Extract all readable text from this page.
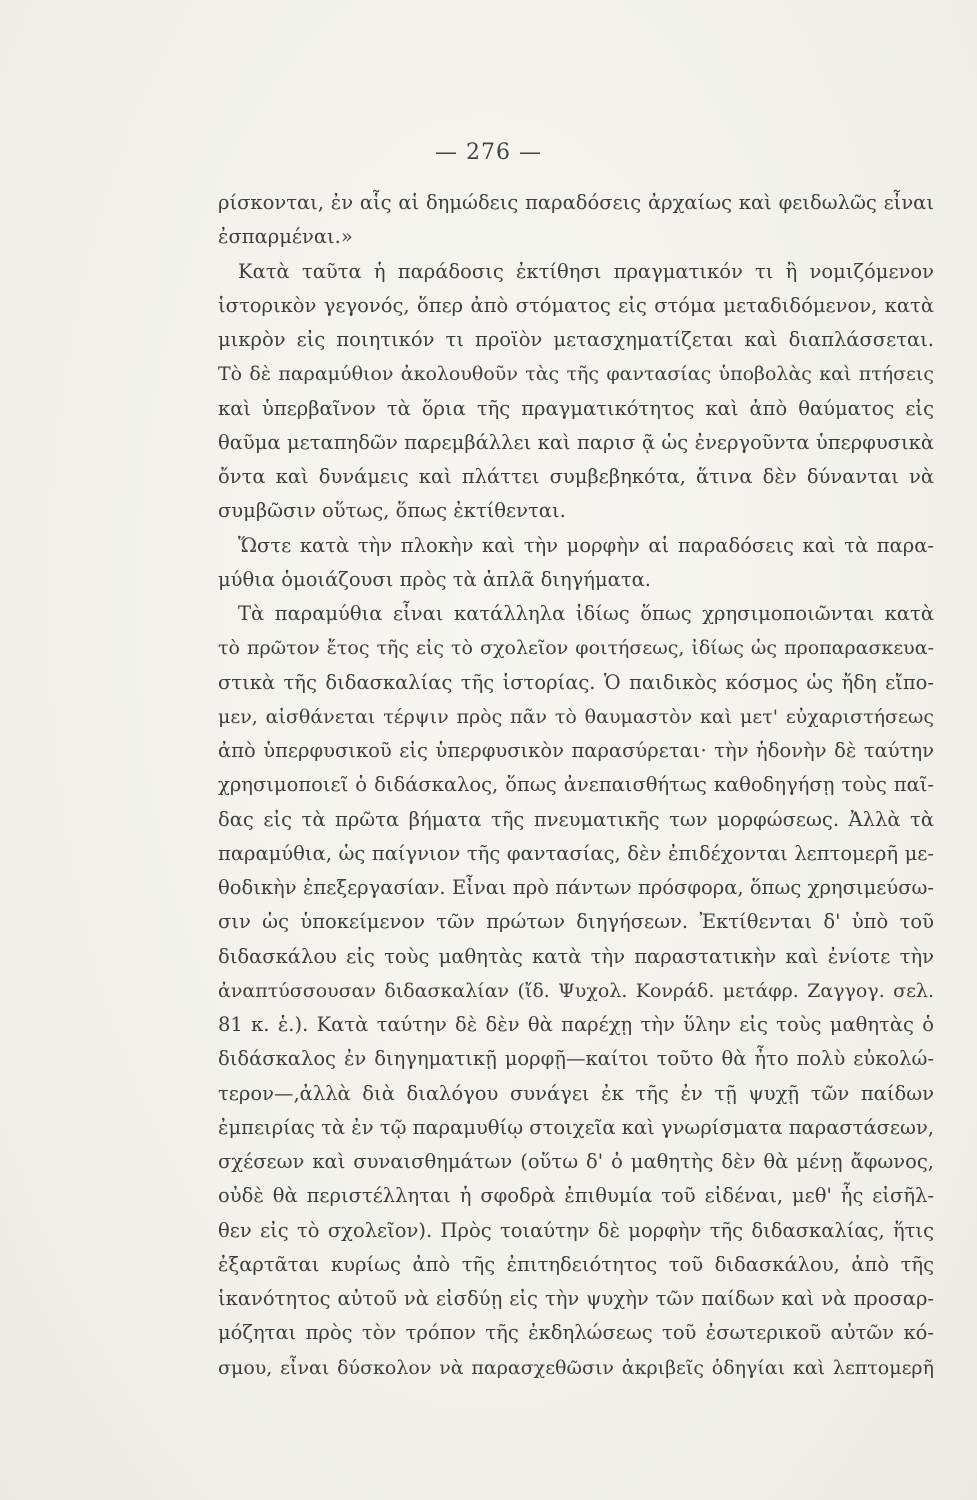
— 276 —
ρίσκονται, ἐν αἷς αἱ δημώδεις παραδόσεις ἀρχαίως καὶ φειδωλῶς εἶναι
ἐσπαρμέναι.»
Κατὰ ταῦτα ἡ παράδοσις ἐκτίθησι πραγματικόν τι ἢ νομιζόμενον
ἱστορικὸν γεγονός, ὅπερ ἀπὸ στόματος εἰς στόμα μεταδιδόμενον, κατὰ
μικρὸν εἰς ποιητικόν τι προϊὸν μετασχηματίζεται καὶ διαπλάσσεται.
Τὸ δὲ παραμύθιον ἀκολουθοῦν τὰς τῆς φαντασίας ὑποβολὰς καὶ πτήσεις
καὶ ὑπερβαῖνον τὰ ὅρια τῆς πραγματικότητος καὶ ἀπὸ θαύματος εἰς
θαῦμα μεταπηδῶν παρεμβάλλει καὶ παρισ ᾷ ὡς ἐνεργοῦντα ὑπερφυσικὰ
ὄντα καὶ δυνάμεις καὶ πλάττει συμβεβηκότα, ἅτινα δὲν δύνανται νὰ
συμβῶσιν οὕτως, ὅπως ἐκτίθενται.
Ὥστε κατὰ τὴν πλοκὴν καὶ τὴν μορφὴν αἱ παραδόσεις καὶ τὰ παρα-
μύθια ὁμοιάζουσι πρὸς τὰ ἁπλᾶ διηγήματα.
Τὰ παραμύθια εἶναι κατάλληλα ἰδίως ὅπως χρησιμοποιῶνται κατὰ
τὸ πρῶτον ἔτος τῆς εἰς τὸ σχολεῖον φοιτήσεως, ἰδίως ὡς προπαρασκευα-
στικὰ τῆς διδασκαλίας τῆς ἱστορίας. Ὁ παιδικὸς κόσμος ὡς ἤδη εἴπο-
μεν, αἰσθάνεται τέρψιν πρὸς πᾶν τὸ θαυμαστὸν καὶ μετ' εὐχαριστήσεως
ἀπὸ ὑπερφυσικοῦ εἰς ὑπερφυσικὸν παρασύρεται· τὴν ἡδονὴν δὲ ταύτην
χρησιμοποιεῖ ὁ διδάσκαλος, ὅπως ἀνεπαισθήτως καθοδηγήσῃ τοὺς παῖ-
δας εἰς τὰ πρῶτα βήματα τῆς πνευματικῆς των μορφώσεως. Ἀλλὰ τὰ
παραμύθια, ὡς παίγνιον τῆς φαντασίας, δὲν ἐπιδέχονται λεπτομερῆ με-
θοδικὴν ἐπεξεργασίαν. Εἶναι πρὸ πάντων πρόσφορα, ὅπως χρησιμεύσω-
σιν ὡς ὑποκείμενον τῶν πρώτων διηγήσεων. Ἐκτίθενται δ' ὑπὸ τοῦ
διδασκάλου εἰς τοὺς μαθητὰς κατὰ τὴν παραστατικὴν καὶ ἐνίοτε τὴν
ἀναπτύσσουσαν διδασκαλίαν (ἴδ. Ψυχολ. Κονράδ. μετάφρ. Ζαγγογ. σελ.
81 κ. ἑ.). Κατὰ ταύτην δὲ δὲν θὰ παρέχῃ τὴν ὕλην εἰς τοὺς μαθητὰς ὁ
διδάσκαλος ἐν διηγηματικῇ μορφῇ—καίτοι τοῦτο θὰ ἦτο πολὺ εὐκολώ-
τερον—,ἀλλὰ διὰ διαλόγου συνάγει ἐκ τῆς ἐν τῇ ψυχῇ τῶν παίδων
ἐμπειρίας τὰ ἐν τῷ παραμυθίῳ στοιχεῖα καὶ γνωρίσματα παραστάσεων,
σχέσεων καὶ συναισθημάτων (οὕτω δ' ὁ μαθητὴς δὲν θὰ μένῃ ἄφωνος,
οὐδὲ θὰ περιστέλληται ἡ σφοδρὰ ἐπιθυμία τοῦ εἰδέναι, μεθ' ἧς εἰσῆλ-
θεν εἰς τὸ σχολεῖον). Πρὸς τοιαύτην δὲ μορφὴν τῆς διδασκαλίας, ἥτις
ἐξαρτᾶται κυρίως ἀπὸ τῆς ἐπιτηδειότητος τοῦ διδασκάλου, ἀπὸ τῆς
ἱκανότητος αὐτοῦ νὰ εἰσδύῃ εἰς τὴν ψυχὴν τῶν παίδων καὶ νὰ προσαρ-
μόζηται πρὸς τὸν τρόπον τῆς ἐκδηλώσεως τοῦ ἐσωτερικοῦ αὐτῶν κό-
σμου, εἶναι δύσκολον νὰ παρασχεθῶσιν ἀκριβεῖς ὁδηγίαι καὶ λεπτομερῆ
